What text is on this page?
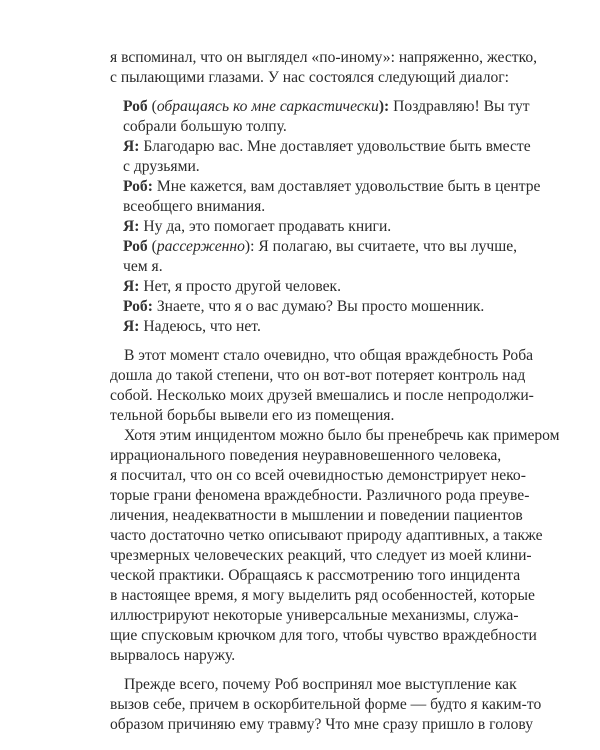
я вспоминал, что он выглядел «по-иному»: напряженно, жестко,
с пылающими глазами. У нас состоялся следующий диалог:
Роб (обращаясь ко мне саркастически): Поздравляю! Вы тут
собрали большую толпу.
Я: Благодарю вас. Мне доставляет удовольствие быть вместе
с друзьями.
Роб: Мне кажется, вам доставляет удовольствие быть в центре
всеобщего внимания.
Я: Ну да, это помогает продавать книги.
Роб (рассерженно): Я полагаю, вы считаете, что вы лучше,
чем я.
Я: Нет, я просто другой человек.
Роб: Знаете, что я о вас думаю? Вы просто мошенник.
Я: Надеюсь, что нет.
В этот момент стало очевидно, что общая враждебность Роба
дошла до такой степени, что он вот-вот потеряет контроль над
собой. Несколько моих друзей вмешались и после непродолжи-
тельной борьбы вывели его из помещения.
Хотя этим инцидентом можно было бы пренебречь как примером
иррационального поведения неуравновешенного человека,
я посчитал, что он со всей очевидностью демонстрирует неко-
торые грани феномена враждебности. Различного рода преуве-
личения, неадекватности в мышлении и поведении пациентов
часто достаточно четко описывают природу адаптивных, а также
чрезмерных человеческих реакций, что следует из моей клини-
ческой практики. Обращаясь к рассмотрению того инцидента
в настоящее время, я могу выделить ряд особенностей, которые
иллюстрируют некоторые универсальные механизмы, служа-
щие спусковым крючком для того, чтобы чувство враждебности
вырвалось наружу.
Прежде всего, почему Роб воспринял мое выступление как
вызов себе, причем в оскорбительной форме — будто я каким-то
образом причиняю ему травму? Что мне сразу пришло в голову
